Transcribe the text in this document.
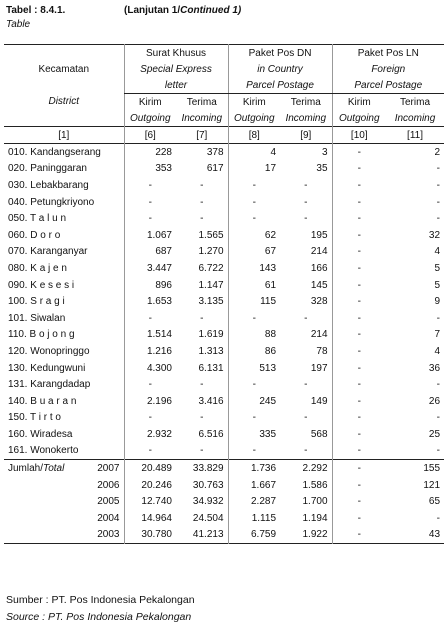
Tabel : 8.4.1.	(Lanjutan 1/Continued 1)
Table
	Surat Khusus		Paket Pos DN		Paket Pos LN	
Kecamatan	Special Express		in Country		Foreign	
	letter		Parcel Postage		Parcel Postage	
District	Kirim	Terima	Kirim	Terima	Kirim	Terima
	Outgoing	Incoming	Outgoing	Incoming	Outgoing	Incoming
[1]	[6]	[7]	[8]	[9]	[10]	[11]
010. Kandangserang	228	378	4	3	-	2
020. Paninggaran	353	617	17	35	-	-
030. Lebakbarang	-	-	-	-	-	-
040. Petungkriyono	-	-	-	-	-	-
050. T a l u n	-	-	-	-	-	-
060. D o r o	1.067	1.565	62	195	-	32
070. Karanganyar	687	1.270	67	214	-	4
080. K a j e n	3.447	6.722	143	166	-	5
090. K e s e s i	896	1.147	61	145	-	5
100. S r a g i	1.653	3.135	115	328	-	9
101. Siwalan	-	-	-	-	-	-
110. B o j o n g	1.514	1.619	88	214	-	7
120. Wonopringgo	1.216	1.313	86	78	-	4
130. Kedungwuni	4.300	6.131	513	197	-	36
131. Karangdadap	-	-	-	-	-	-
140. B u a r a n	2.196	3.416	245	149	-	26
150. T i r t o	-	-	-	-	-	-
160. Wiradesa	2.932	6.516	335	568	-	25
161. Wonokerto	-	-	-	-	-	-
Jumlah/Total 2007	20.489	33.829	1.736	2.292	-	155

2006	20.246	30.763	1.667	1.586	-	121

2005	12.740	34.932	2.287	1.700	-	65

2004	14.964	24.504	1.115	1.194	-	-

2003	30.780	41.213	6.759	1.922	-	43
Sumber : PT. Pos Indonesia Pekalongan
Source : PT. Pos Indonesia Pekalongan
